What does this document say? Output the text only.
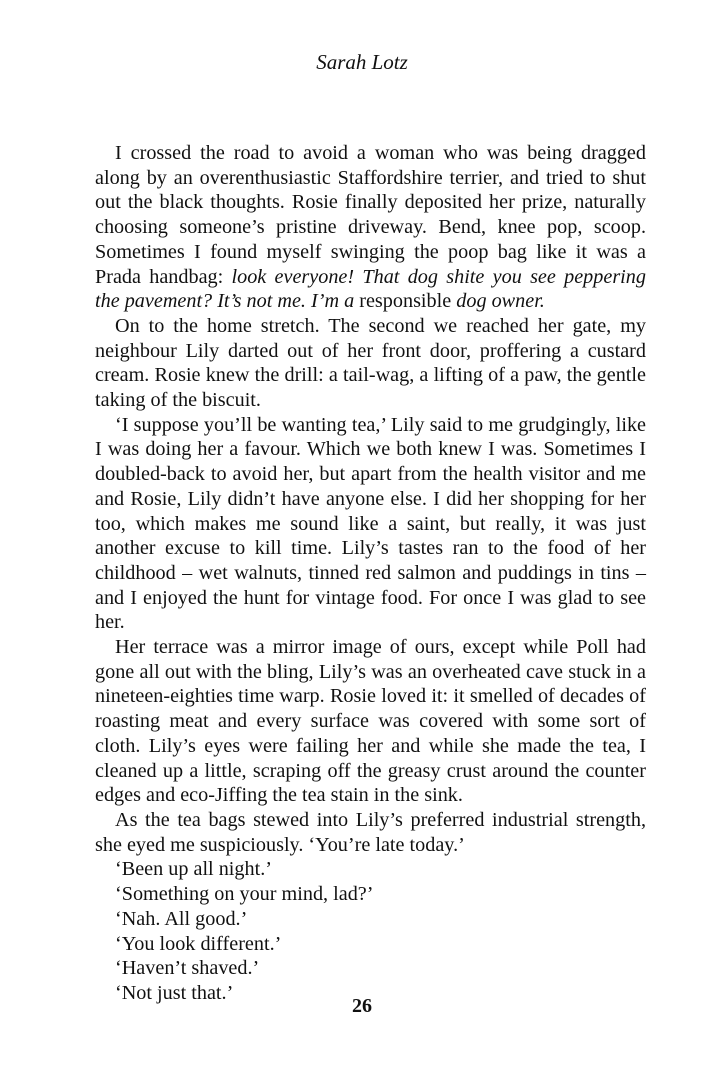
Sarah Lotz

I crossed the road to avoid a woman who was being dragged along by an overenthusiastic Staffordshire terrier, and tried to shut out the black thoughts. Rosie finally deposited her prize, naturally choosing someone’s pristine driveway. Bend, knee pop, scoop. Sometimes I found myself swinging the poop bag like it was a Prada handbag: look everyone! That dog shite you see peppering the pavement? It’s not me. I’m a responsible dog owner.

On to the home stretch. The second we reached her gate, my neighbour Lily darted out of her front door, proffering a custard cream. Rosie knew the drill: a tail-wag, a lifting of a paw, the gentle taking of the biscuit.

‘I suppose you’ll be wanting tea,’ Lily said to me grudgingly, like I was doing her a favour. Which we both knew I was. Sometimes I doubled-back to avoid her, but apart from the health visitor and me and Rosie, Lily didn’t have anyone else. I did her shopping for her too, which makes me sound like a saint, but really, it was just another excuse to kill time. Lily’s tastes ran to the food of her childhood – wet walnuts, tinned red salmon and puddings in tins – and I enjoyed the hunt for vintage food. For once I was glad to see her.

Her terrace was a mirror image of ours, except while Poll had gone all out with the bling, Lily’s was an overheated cave stuck in a nineteen-eighties time warp. Rosie loved it: it smelled of decades of roasting meat and every surface was covered with some sort of cloth. Lily’s eyes were failing her and while she made the tea, I cleaned up a little, scraping off the greasy crust around the counter edges and eco-Jiffing the tea stain in the sink.

As the tea bags stewed into Lily’s preferred industrial strength, she eyed me suspiciously. ‘You’re late today.’

‘Been up all night.’

‘Something on your mind, lad?’

‘Nah. All good.’

‘You look different.’

‘Haven’t shaved.’

‘Not just that.’

26
